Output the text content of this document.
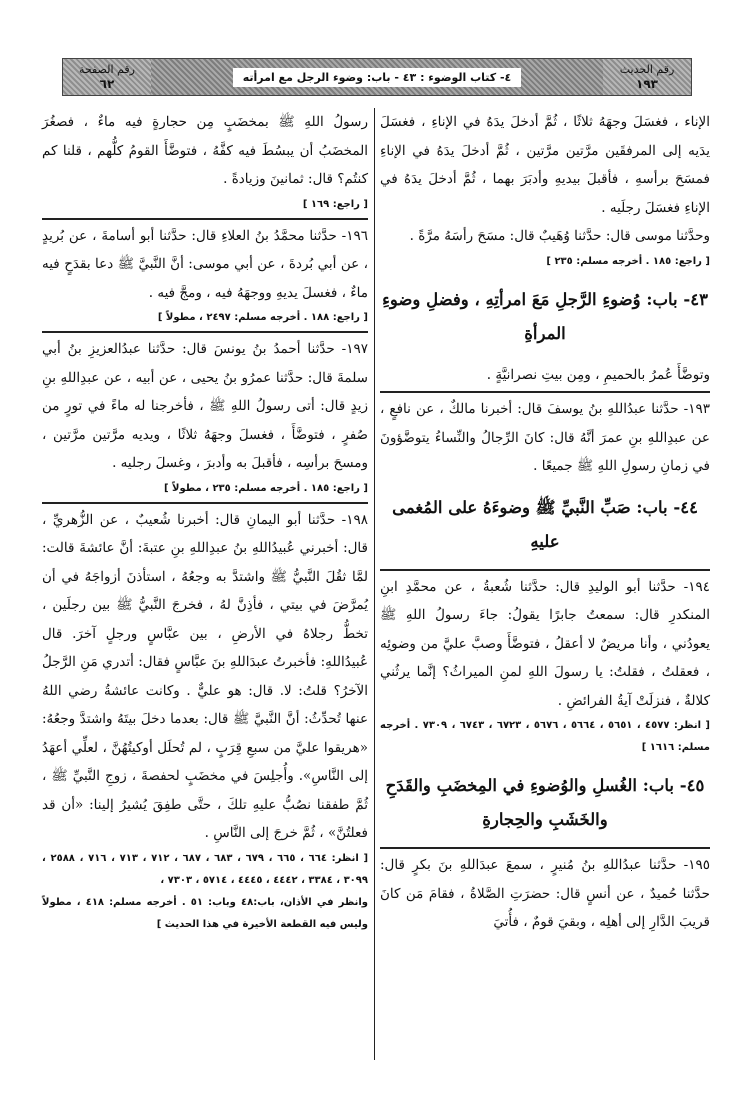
رقم الحديث
١٩٣
٤- كتاب الوضوء : ٤٣ - باب: وضوء الرجل مع امرأته
رقم الصفحة
٦٢

الإناء ، فغسَلَ وجهَهُ ثلاثًا ، ثُمَّ أدخلَ يدَهُ في الإناءِ ، فغسَلَ يدَيه إلى المرفقَين مرَّتين مرَّتين ، ثُمَّ أدخلَ يدَهُ في الإناءِ فمسَحَ برأسهِ ، فأقبلَ بيديهِ وأدبَرَ بهما ، ثُمَّ أدخلَ يدَهُ في الإناءِ فغسَلَ رجلَيه .

وحدَّثنا موسى قال: حدَّثنا وُهَيبٌ قال: مسَحَ رأسَهُ مرَّةً .

[ راجع: ١٨٥ . أخرجه مسلم: ٢٣٥ ]

٤٣- باب: وُضوءِ الرَّجلِ مَعَ امرأتِهِ ، وفضلِ وضوءِ المرأةِ

وتوضَّأَ عُمرُ بالحميمِ ، ومِن بيتِ نصرانيَّةٍ .

١٩٣- حدَّثنا عبدُاللهِ بنُ يوسفَ قال: أخبرنا مالكٌ ، عن نافعٍ ، عن عبدِاللهِ بنِ عمرَ أنَّهُ قال: كانَ الرِّجالُ والنِّساءُ يتوضَّؤونَ في زمانِ رسولِ اللهِ ﷺ جميعًا .

٤٤- باب: صَبِّ النَّبيِّ ﷺ وضوءَهُ على المُغمى عليهِ

١٩٤- حدَّثنا أبو الوليدِ قال: حدَّثنا شُعبةُ ، عن محمَّدِ ابنِ المنكدرِ قال: سمعتُ جابرًا يقولُ: جاءَ رسولُ اللهِ ﷺ يعودُني ، وأنا مريضٌ لا أعقلُ ، فتوضَّأَ وصبَّ عليَّ من وضوئِه ، فعقلتُ ، فقلتُ: يا رسولَ اللهِ لمنِ الميراثُ؟ إنَّما يرثُني كلالةٌ ، فنزلَتْ آيةُ الفرائضِ .

[ انظر: ٤٥٧٧ ، ٥٦٥١ ، ٥٦٦٤ ، ٥٦٧٦ ، ٦٧٢٣ ، ٦٧٤٣ ، ٧٣٠٩ . أخرجه مسلم: ١٦١٦ ]

٤٥- باب: الغُسلِ والوُضوءِ في المِخضَبِ والقَدَحِ والخَشَبِ والحِجارةِ

١٩٥- حدَّثنا عبدُاللهِ بنُ مُنيرٍ ، سمعَ عبدَاللهِ بنَ بكرٍ قال: حدَّثنا حُميدٌ ، عن أنسٍ قال: حضرَتِ الصَّلاةُ ، فقامَ مَن كانَ قريبَ الدَّارِ إلى أهلِه ، وبقيَ قومٌ ، فأُتيَ

رسولُ اللهِ ﷺ بمخضَبٍ مِن حجارةٍ فيه ماءٌ ، فصغُرَ المخضَبُ أن يبسُطَ فيه كفَّهُ ، فتوضَّأَ القومُ كلُّهم ، قلنا كم كنتُم؟ قال: ثمانينَ وزيادةً .

[ راجع: ١٦٩ ]

١٩٦- حدَّثنا محمَّدُ بنُ العلاءِ قال: حدَّثنا أبو أسامةَ ، عن بُريدٍ ، عن أبي بُردةَ ، عن أبي موسى: أنَّ النَّبيَّ ﷺ دعا بقدَحٍ فيه ماءٌ ، فغسلَ يديهِ ووجهَهُ فيه ، ومجَّ فيه .

[ راجع: ١٨٨ . أخرجه مسلم: ٢٤٩٧ ، مطولاً ]

١٩٧- حدَّثنا أحمدُ بنُ يونسَ قال: حدَّثنا عبدُالعزيزِ بنُ أبي سلمةَ قال: حدَّثنا عمرُو بنُ يحيى ، عن أبيه ، عن عبدِاللهِ بنِ زيدٍ قال: أتى رسولُ اللهِ ﷺ ، فأخرجنا له ماءً في تورٍ من صُفرٍ ، فتوضَّأَ ، فغسلَ وجهَهُ ثلاثًا ، ويديه مرَّتين مرَّتين ، ومسحَ برأسِه ، فأقبلَ به وأدبرَ ، وغسلَ رجليه .

[ راجع: ١٨٥ . أخرجه مسلم: ٢٣٥ ، مطولاً ]

١٩٨- حدَّثنا أبو اليمانِ قال: أخبرنا شُعيبٌ ، عن الزُّهريِّ ، قال: أخبرني عُبيدُاللهِ بنُ عبدِاللهِ بنِ عتبةَ: أنَّ عائشةَ قالت: لمَّا ثقُلَ النَّبيُّ ﷺ واشتدَّ به وجعُهُ ، استأذنَ أزواجَهُ في أن يُمرَّضَ في بيتي ، فأذِنَّ لهُ ، فخرجَ النَّبيُّ ﷺ بين رجلَين ، تخطُّ رجلاهُ في الأرضِ ، بين عبَّاسٍ ورجلٍ آخرَ. قال عُبيدُاللهِ: فأخبرتُ عبدَاللهِ بنَ عبَّاسٍ فقال: أتدري مَنِ الرَّجلُ الآخرُ؟ قلتُ: لا. قال: هو عليٌّ . وكانت عائشةُ رضي اللهُ عنها تُحدِّثُ: أنَّ النَّبيَّ ﷺ قال: بعدما دخلَ بيتَهُ واشتدَّ وجعُهُ: «هريقوا عليَّ من سبعِ قِرَبٍ ، لم تُحلَل أوكيتُهُنَّ ، لعلِّي أعهَدُ إلى النَّاسِ». وأُجلِسَ في مخضَبٍ لحفصةَ ، زوجِ النَّبيِّ ﷺ ، ثُمَّ طفقنا نصُبُّ عليهِ تلكَ ، حتَّى طفِقَ يُشيرُ إلينا: «أن قد فعلتُنَّ» ، ثُمَّ خرجَ إلى النَّاسِ .

[ انظر: ٦٦٤ ، ٦٦٥ ، ٦٧٩ ، ٦٨٣ ، ٦٨٧ ، ٧١٢ ، ٧١٣ ، ٧١٦ ، ٢٥٨٨ ، ٣٠٩٩ ، ٣٣٨٤ ، ٤٤٤٢ ، ٤٤٤٥ ، ٥٧١٤ ، ٧٣٠٣ ،

وانظر في الأذان، باب:٤٨ وباب: ٥١ . أخرجه مسلم: ٤١٨ ، مطولاً وليس فيه القطعة الأخيرة في هذا الحديث ]
